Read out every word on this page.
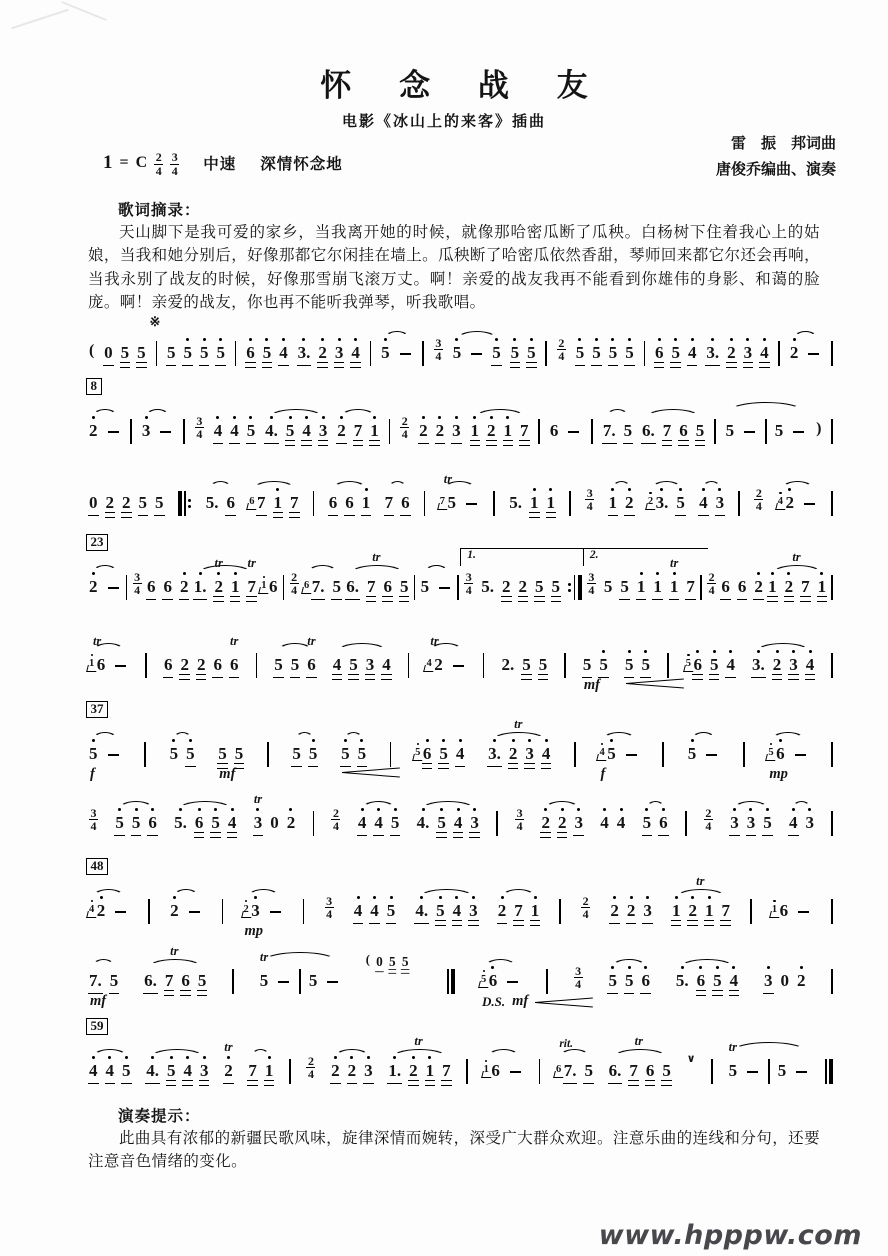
怀 念 战 友
电影《冰山上的来客》插曲
雷　振　邦词曲
唐俊乔编曲、演奏
1 = C 2
4
3
4 中速 深情怀念地
歌词摘录：
天山脚下是我可爱的家乡，当我离开她的时候，就像那哈密瓜断了瓜秧。白杨树下住着我心上的姑娘，当我和她分别后，好像那都它尔闲挂在墙上。瓜秧断了哈密瓜依然香甜，琴师回来都它尔还会再响，当我永别了战友的时候，好像那雪崩飞滚万丈。啊！亲爱的战友我再不能看到你雄伟的身影、和蔼的脸庞。啊！亲爱的战友，你也再不能听我弹琴，听我歌唱。
( 0 5 5
※
5 5 5 5 6 5 4 3. 2 3 4 5
3
4 5 5 5 5
2
4 5 5 5 5 6 5 4 3. 2 3 4 2
8
2	3
3
4 4 4 5 4. 5 4 3 2 7 1
2
4 2 2 3 1 2 1 7 6	7. 5 6. 7 6 5 5 5 )
0 2 2 5 5 5. 6 6 7 1 7 6 6 1 7 6	7 5
tr
5. 1 1
3
4 1 2 2 3. 5 4 3
2
4 4 2
23
2
3
4 6 6 2 1. 2
tr
1 7
tr
1 6
2
4 6 7. 5 6. 7 6 5
tr 5
1.
3
4 5. 2 2 5 5
2.
3
4 5 5 1 1 1
tr
7
2
4 6 6 2 1 2 7 1
tr
1 6
tr
6 2 2 6 6
tr
5 5 6
tr
4 5 3 4	4 2
tr
2. 5 5 5 5
mf
5 5	5 6 5 4 3. 2 3 4
37
5
f
5 5 5 5
mf
5 5 5 5	5 6 5 4 3. 2 3 4
tr	4 5
f
5	5 6
mp
3
4 5 5 6 5. 6 5 4 3
tr
0 2
2
4 4 4 5 4. 5 4 3
3
4 2 2 3 4 4 5 6
2
4 3 3 5 4 3
48
4 2	2	2 3
mp
3
4 4 4 5 4. 5 4 3 2 7 1
2
4 2 2 3 1 2 1 7
tr	1 6
7. 5
mf
6. 7 6 5
tr	5
tr
5
( 0 5 5
5 6
D.S. mf
3
4 5 5 6 5. 6 5 4 3 0 2
59
4 4 5 4. 5 4 3 2
tr
7 1
2
4 2 2 3 1. 2 1 7
tr	1 6	6 7.
rit.
5 6. 7 6 5
tr
∨
5
tr
5
演奏提示：
此曲具有浓郁的新疆民歌风味，旋律深情而婉转，深受广大群众欢迎。注意乐曲的连线和分句，还要注意音色情绪的变化。
www.hpppw.com
